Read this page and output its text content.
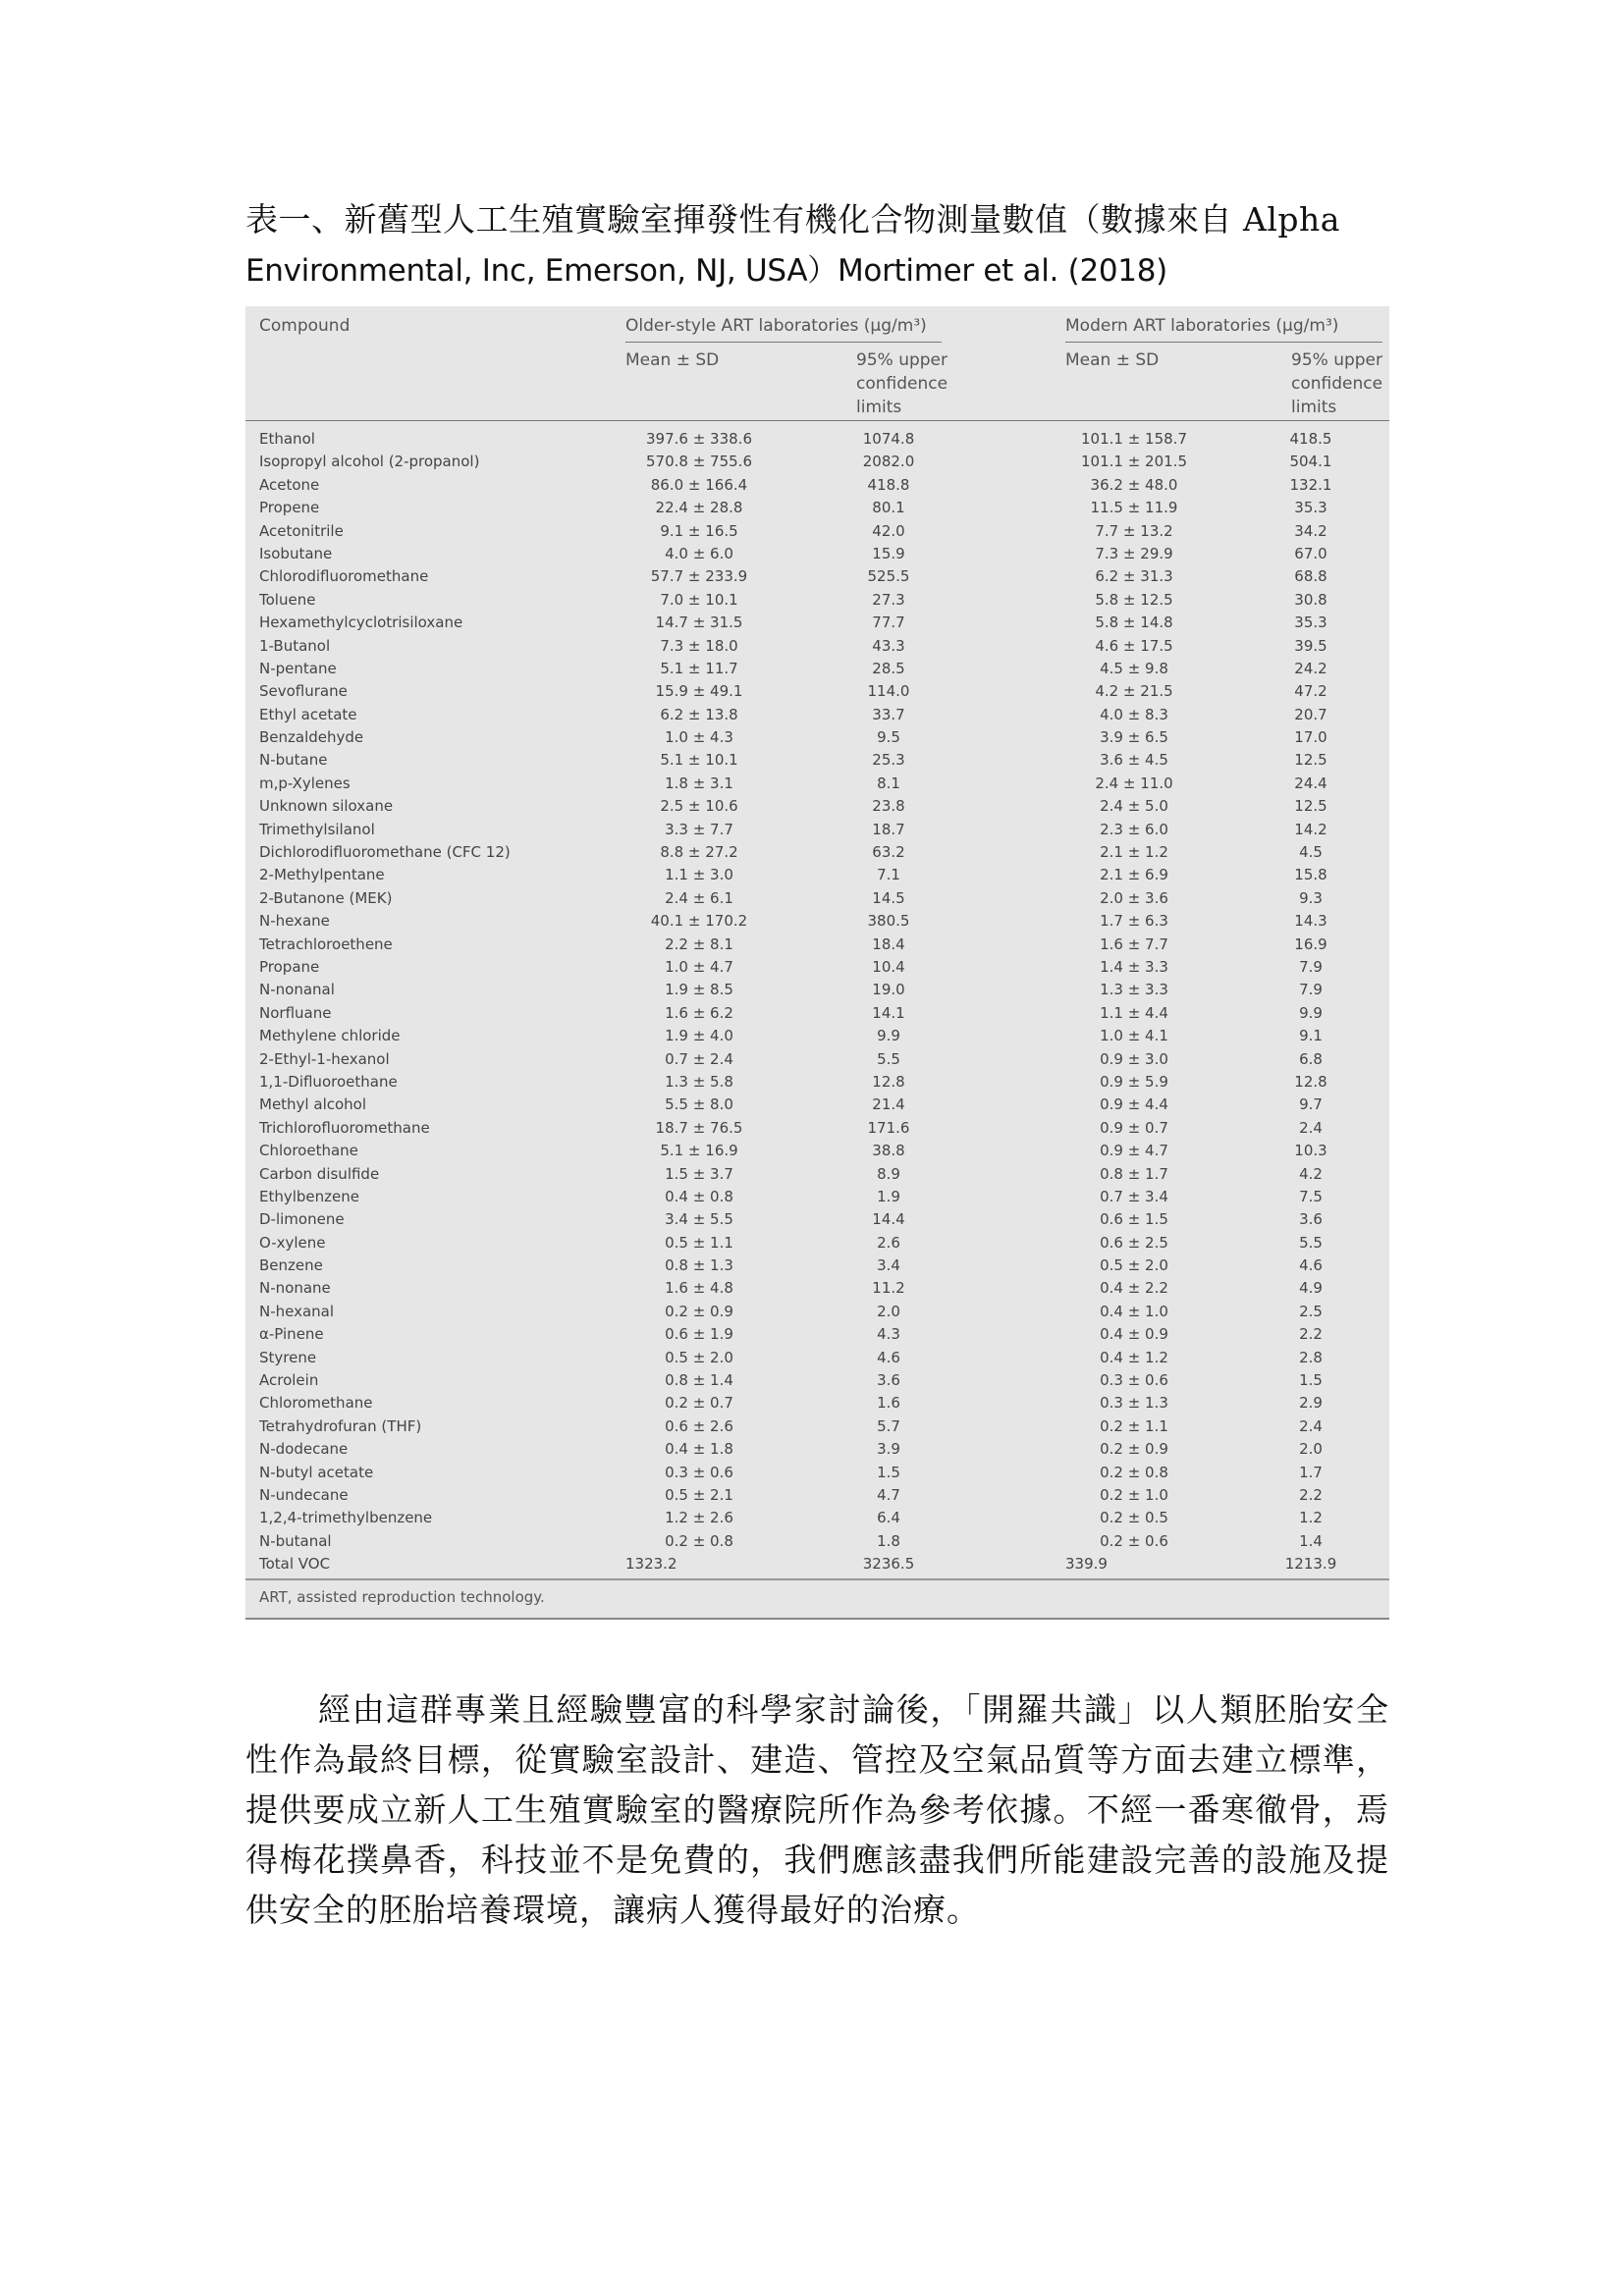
表一、新舊型人工生殖實驗室揮發性有機化合物測量數值（數據來自 Alpha
Environmental, Inc, Emerson, NJ, USA）Mortimer et al. (2018)
Compound	Older-style ART laboratories (μg/m³)	Modern ART laboratories (μg/m³)
Mean ± SD	95% upper
confidence
limits
Mean ± SD	95% upper
confidence
limits
Ethanol	397.6 ± 338.6	1074.8	101.1 ± 158.7	418.5
Isopropyl alcohol (2-propanol)	570.8 ± 755.6	2082.0	101.1 ± 201.5	504.1
Acetone	86.0 ± 166.4	418.8	36.2 ± 48.0	132.1
Propene	22.4 ± 28.8	80.1	11.5 ± 11.9	35.3
Acetonitrile	9.1 ± 16.5	42.0	7.7 ± 13.2	34.2
Isobutane	4.0 ± 6.0	15.9	7.3 ± 29.9	67.0
Chlorodifluoromethane	57.7 ± 233.9	525.5	6.2 ± 31.3	68.8
Toluene	7.0 ± 10.1	27.3	5.8 ± 12.5	30.8
Hexamethylcyclotrisiloxane	14.7 ± 31.5	77.7	5.8 ± 14.8	35.3
1-Butanol	7.3 ± 18.0	43.3	4.6 ± 17.5	39.5
N-pentane	5.1 ± 11.7	28.5	4.5 ± 9.8	24.2
Sevoflurane	15.9 ± 49.1	114.0	4.2 ± 21.5	47.2
Ethyl acetate	6.2 ± 13.8	33.7	4.0 ± 8.3	20.7
Benzaldehyde	1.0 ± 4.3	9.5	3.9 ± 6.5	17.0
N-butane	5.1 ± 10.1	25.3	3.6 ± 4.5	12.5
m,p-Xylenes	1.8 ± 3.1	8.1	2.4 ± 11.0	24.4
Unknown siloxane	2.5 ± 10.6	23.8	2.4 ± 5.0	12.5
Trimethylsilanol	3.3 ± 7.7	18.7	2.3 ± 6.0	14.2
Dichlorodifluoromethane (CFC 12)	8.8 ± 27.2	63.2	2.1 ± 1.2	4.5
2-Methylpentane	1.1 ± 3.0	7.1	2.1 ± 6.9	15.8
2-Butanone (MEK)	2.4 ± 6.1	14.5	2.0 ± 3.6	9.3
N-hexane	40.1 ± 170.2	380.5	1.7 ± 6.3	14.3
Tetrachloroethene	2.2 ± 8.1	18.4	1.6 ± 7.7	16.9
Propane	1.0 ± 4.7	10.4	1.4 ± 3.3	7.9
N-nonanal	1.9 ± 8.5	19.0	1.3 ± 3.3	7.9
Norfluane	1.6 ± 6.2	14.1	1.1 ± 4.4	9.9
Methylene chloride	1.9 ± 4.0	9.9	1.0 ± 4.1	9.1
2-Ethyl-1-hexanol	0.7 ± 2.4	5.5	0.9 ± 3.0	6.8
1,1-Difluoroethane	1.3 ± 5.8	12.8	0.9 ± 5.9	12.8
Methyl alcohol	5.5 ± 8.0	21.4	0.9 ± 4.4	9.7
Trichlorofluoromethane	18.7 ± 76.5	171.6	0.9 ± 0.7	2.4
Chloroethane	5.1 ± 16.9	38.8	0.9 ± 4.7	10.3
Carbon disulfide	1.5 ± 3.7	8.9	0.8 ± 1.7	4.2
Ethylbenzene	0.4 ± 0.8	1.9	0.7 ± 3.4	7.5
D-limonene	3.4 ± 5.5	14.4	0.6 ± 1.5	3.6
O-xylene	0.5 ± 1.1	2.6	0.6 ± 2.5	5.5
Benzene	0.8 ± 1.3	3.4	0.5 ± 2.0	4.6
N-nonane	1.6 ± 4.8	11.2	0.4 ± 2.2	4.9
N-hexanal	0.2 ± 0.9	2.0	0.4 ± 1.0	2.5
α-Pinene	0.6 ± 1.9	4.3	0.4 ± 0.9	2.2
Styrene	0.5 ± 2.0	4.6	0.4 ± 1.2	2.8
Acrolein	0.8 ± 1.4	3.6	0.3 ± 0.6	1.5
Chloromethane	0.2 ± 0.7	1.6	0.3 ± 1.3	2.9
Tetrahydrofuran (THF)	0.6 ± 2.6	5.7	0.2 ± 1.1	2.4
N-dodecane	0.4 ± 1.8	3.9	0.2 ± 0.9	2.0
N-butyl acetate	0.3 ± 0.6	1.5	0.2 ± 0.8	1.7
N-undecane	0.5 ± 2.1	4.7	0.2 ± 1.0	2.2
1,2,4-trimethylbenzene	1.2 ± 2.6	6.4	0.2 ± 0.5	1.2
N-butanal	0.2 ± 0.8	1.8	0.2 ± 0.6	1.4
Total VOC	1323.2	3236.5	339.9	1213.9
ART, assisted reproduction technology.
經由這群專業且經驗豐富的科學家討論後，「開羅共識」以人類胚胎安全性作為最終目標，從實驗室設計、建造、管控及空氣品質等方面去建立標準，提供要成立新人工生殖實驗室的醫療院所作為參考依據。不經一番寒徹骨，焉得梅花撲鼻香，科技並不是免費的，我們應該盡我們所能建設完善的設施及提供安全的胚胎培養環境，讓病人獲得最好的治療。
